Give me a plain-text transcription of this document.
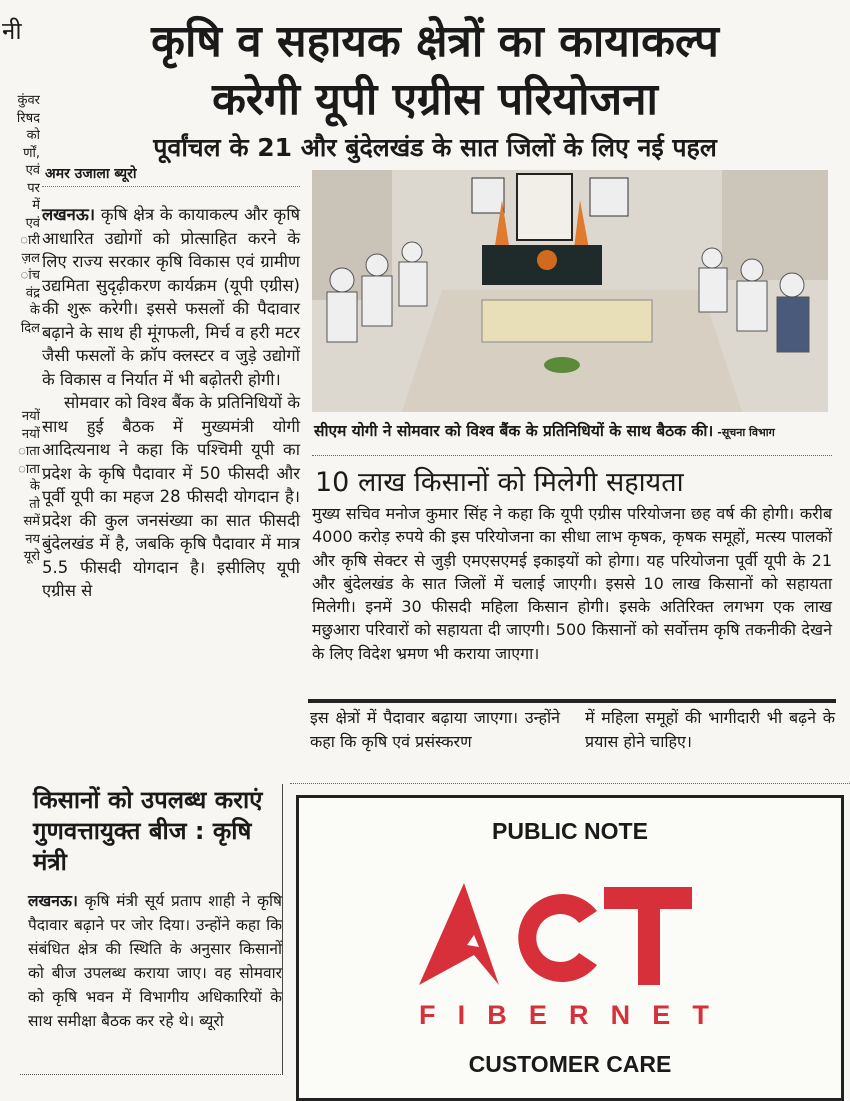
नी
कुंवर
रिषद
को
र्णों,
एवं
पर
में
एवं
ारी
ज़ल
ांच
वंद्र
के
दिल
नयों
नयों
ाता
ाता
के
तो
समें
नय
यूरो
कृषि व सहायक क्षेत्रों का कायाकल्प
करेगी यूपी एग्रीस परियोजना
पूर्वांचल के 21 और बुंदेलखंड के सात जिलों के लिए नई पहल
अमर उजाला ब्यूरो

लखनऊ। कृषि क्षेत्र के कायाकल्प और कृषि आधारित उद्योगों को प्रोत्साहित करने के लिए राज्य सरकार कृषि विकास एवं ग्रामीण उद्यमिता सुदृढ़ीकरण कार्यक्रम (यूपी एग्रीस) की शुरू करेगी। इससे फसलों की पैदावार बढ़ाने के साथ ही मूंगफली, मिर्च व हरी मटर जैसी फसलों के क्रॉप क्लस्टर व जुड़े उद्योगों के विकास व निर्यात में भी बढ़ोतरी होगी।

सोमवार को विश्व बैंक के प्रतिनिधियों के साथ हुई बैठक में मुख्यमंत्री योगी आदित्यनाथ ने कहा कि पश्चिमी यूपी का प्रदेश के कृषि पैदावार में 50 फीसदी और पूर्वी यूपी का महज 28 फीसदी योगदान है। प्रदेश की कुल जनसंख्या का सात फीसदी बुंदेलखंड में है, जबकि कृषि पैदावार में मात्र 5.5 फीसदी योगदान है। इसीलिए यूपी एग्रीस से

सीएम योगी ने सोमवार को विश्व बैंक के प्रतिनिधियों के साथ बैठक की। -सूचना विभाग
10 लाख किसानों को मिलेगी सहायता
मुख्य सचिव मनोज कुमार सिंह ने कहा कि यूपी एग्रीस परियोजना छह वर्ष की होगी। करीब 4000 करोड़ रुपये की इस परियोजना का सीधा लाभ कृषक, कृषक समूहों, मत्स्य पालकों और कृषि सेक्टर से जुड़ी एमएसएमई इकाइयों को होगा। यह परियोजना पूर्वी यूपी के 21 और बुंदेलखंड के सात जिलों में चलाई जाएगी। इससे 10 लाख किसानों को सहायता मिलेगी। इनमें 30 फीसदी महिला किसान होगी। इसके अतिरिक्त लगभग एक लाख मछुआरा परिवारों को सहायता दी जाएगी। 500 किसानों को सर्वोत्तम कृषि तकनीकी देखने के लिए विदेश भ्रमण भी कराया जाएगा।
इस क्षेत्रों में पैदावार बढ़ाया जाएगा। उन्होंने कहा कि कृषि एवं प्रसंस्करण
में महिला समूहों की भागीदारी भी बढ़ने के प्रयास होने चाहिए।
किसानों को उपलब्ध कराएं गुणवत्तायुक्त बीज : कृषि मंत्री
लखनऊ। कृषि मंत्री सूर्य प्रताप शाही ने कृषि पैदावार बढ़ाने पर जोर दिया। उन्होंने कहा कि संबंधित क्षेत्र की स्थिति के अनुसार किसानों को बीज उपलब्ध कराया जाए। वह सोमवार को कृषि भवन में विभागीय अधिकारियों के साथ समीक्षा बैठक कर रहे थे। ब्यूरो
PUBLIC NOTE
F I B E R N E T
CUSTOMER CARE
